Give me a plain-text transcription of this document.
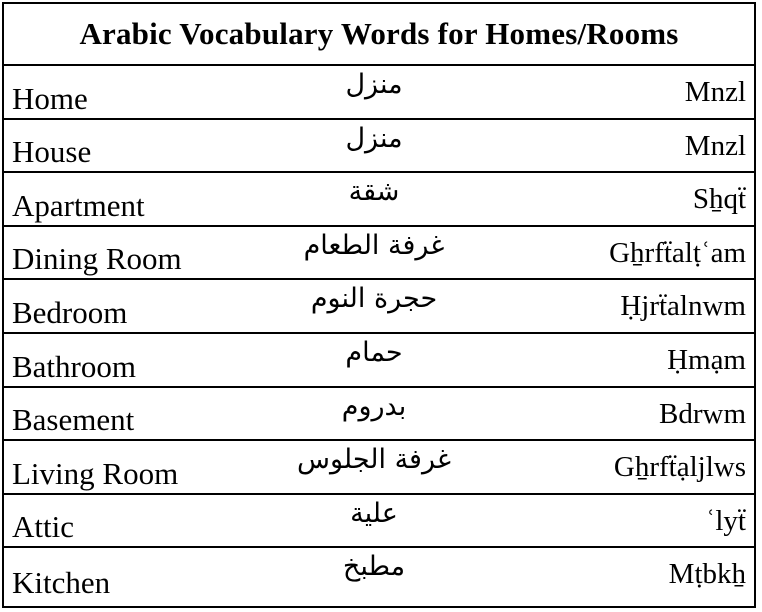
Arabic Vocabulary Words for Homes/Rooms
Home	منزل	Mnzl
House	منزل	Mnzl
Apartment	شقة	Sẖqẗ
Dining Room	غرفة الطعام	Gẖrfẗalṭʿam
Bedroom	حجرة النوم	Ḥjrẗalnwm
Bathroom	حمام	Ḥmạm
Basement	بدروم	Bdrwm
Living Room	غرفة الجلوس	Gẖrfẗạljlws
Attic	علية	ʿlyẗ
Kitchen	مطبخ	Mṭbkẖ
